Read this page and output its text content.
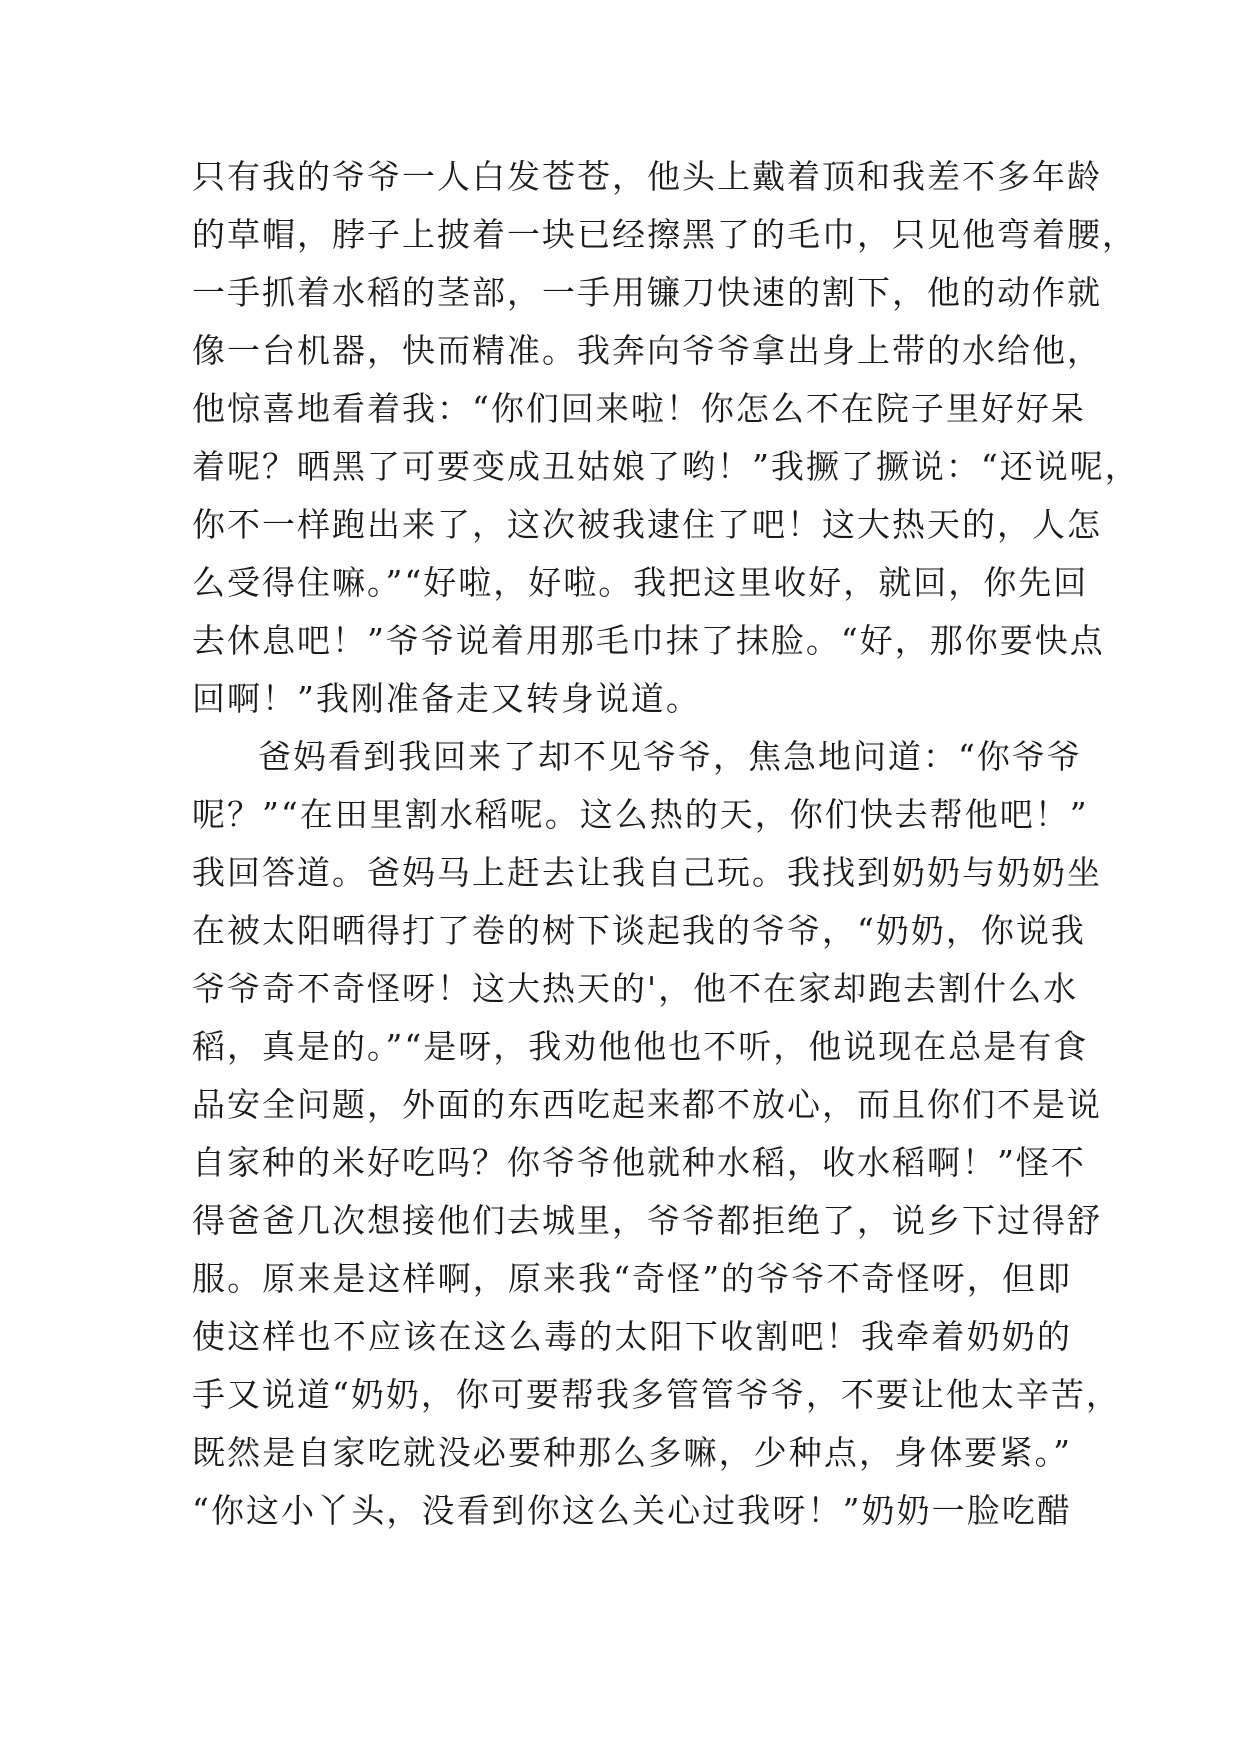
只有我的爷爷一人白发苍苍，他头上戴着顶和我差不多年龄
的草帽，脖子上披着一块已经擦黑了的毛巾，只见他弯着腰，
一手抓着水稻的茎部，一手用镰刀快速的割下，他的动作就
像一台机器，快而精准。我奔向爷爷拿出身上带的水给他，
他惊喜地看着我：“你们回来啦！你怎么不在院子里好好呆
着呢？晒黑了可要变成丑姑娘了哟！”我撅了撅说：“还说呢，
你不一样跑出来了，这次被我逮住了吧！这大热天的，人怎
么受得住嘛。”“好啦，好啦。我把这里收好，就回，你先回
去休息吧！”爷爷说着用那毛巾抹了抹脸。“好，那你要快点
回啊！”我刚准备走又转身说道。
爸妈看到我回来了却不见爷爷，焦急地问道：“你爷爷
呢？”“在田里割水稻呢。这么热的天，你们快去帮他吧！”
我回答道。爸妈马上赶去让我自己玩。我找到奶奶与奶奶坐
在被太阳晒得打了卷的树下谈起我的爷爷，“奶奶，你说我
爷爷奇不奇怪呀！这大热天的'，他不在家却跑去割什么水
稻，真是的。”“是呀，我劝他他也不听，他说现在总是有食
品安全问题，外面的东西吃起来都不放心，而且你们不是说
自家种的米好吃吗？你爷爷他就种水稻，收水稻啊！”怪不
得爸爸几次想接他们去城里，爷爷都拒绝了，说乡下过得舒
服。原来是这样啊，原来我“奇怪”的爷爷不奇怪呀，但即
使这样也不应该在这么毒的太阳下收割吧！我牵着奶奶的
手又说道“奶奶，你可要帮我多管管爷爷，不要让他太辛苦，
既然是自家吃就没必要种那么多嘛，少种点，身体要紧。”
“你这小丫头，没看到你这么关心过我呀！”奶奶一脸吃醋
